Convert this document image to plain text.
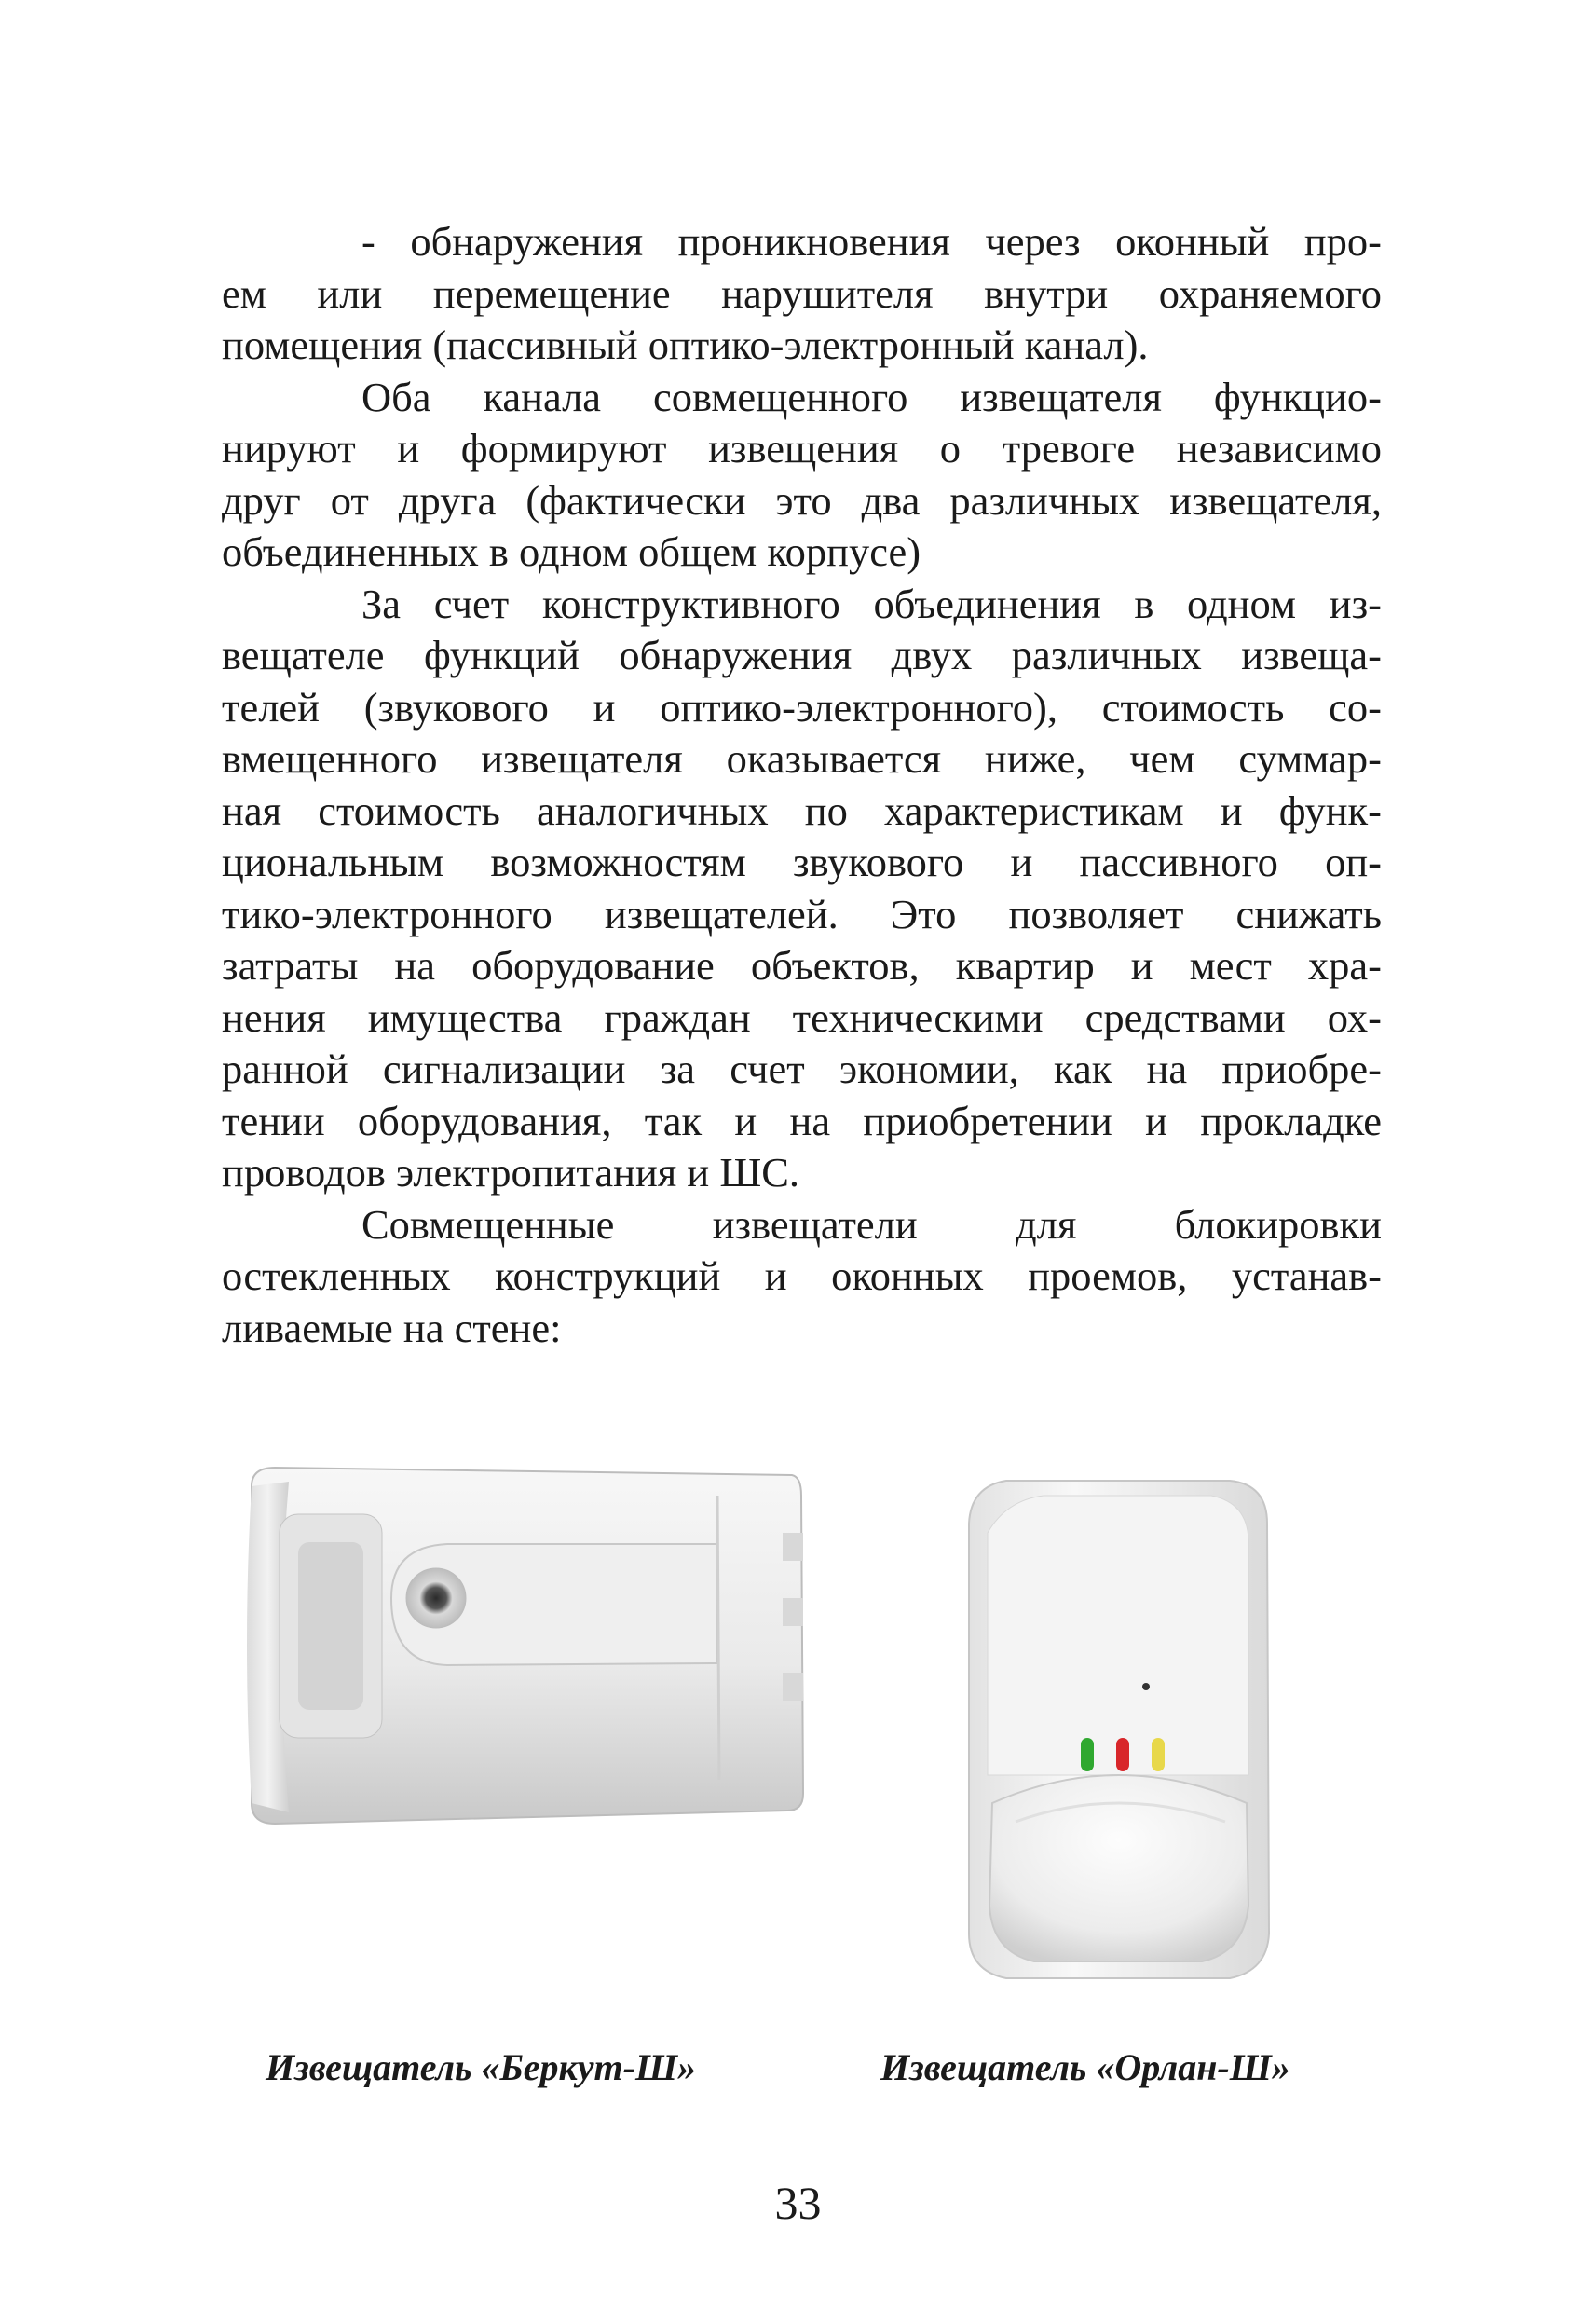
- обнаружения проникновения через оконный про-
ем или перемещение нарушителя внутри охраняемого
помещения (пассивный оптико-электронный канал).
Оба канала совмещенного извещателя функцио-
нируют и формируют извещения о тревоге независимо
друг от друга (фактически это два различных извещателя,
объединенных в одном общем корпусе)
За счет конструктивного объединения в одном из-
вещателе функций обнаружения двух различных извеща-
телей (звукового и оптико-электронного), стоимость со-
вмещенного извещателя оказывается ниже, чем суммар-
ная стоимость аналогичных по характеристикам и функ-
циональным возможностям звукового и пассивного оп-
тико-электронного извещателей. Это позволяет снижать
затраты на оборудование объектов, квартир и мест хра-
нения имущества граждан техническими средствами ох-
ранной сигнализации за счет экономии, как на приобре-
тении оборудования, так и на приобретении и прокладке
проводов электропитания и ШС.
Совмещенные извещатели для блокировки
остекленных конструкций и оконных проемов, устанав-
ливаемые на стене:
Извещатель «Беркут-Ш»	Извещатель «Орлан-Ш»
33
